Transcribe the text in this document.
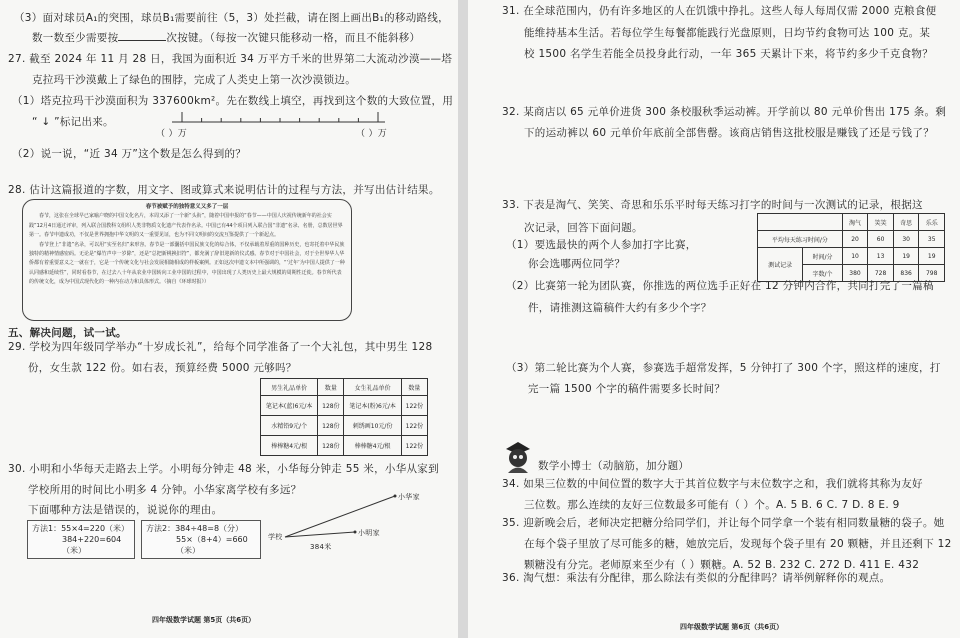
（3）面对球员A₁的突围，球员B₁需要前往（5，3）处拦截，请在图上画出B₁的移动路线，
数一数至少需要按	次按键。（每按一次键只能移动一格，而且不能斜移）
27. 截至 2024 年 11 月 28 日，我国为面积近 34 万平方千米的世界第二大流动沙漠——塔
克拉玛干沙漠戴上了绿色的围脖，完成了人类史上第一次沙漠锁边。
（1）塔克拉玛干沙漠面积为 337600km²。先在数线上填空，再找到这个数的大致位置，用
“ ↓ ”标记出来。
（ ）万	（ ）万
（2）说一说，“近 34 万”这个数是怎么得到的？
28. 估计这篇报道的字数，用文字、图或算式来说明估计的过程与方法，并写出估计结果。
春节被赋予的独特意义又多了一层

春节，这张在全球早已家喻户晓的中国文化名片，本周又添了一个新“头衔”，随着中国申报的“春节——中国人庆祝传统新年的社会实践”12月4日通过评审，列入联合国教科文组织人类非物质文化遗产代表作名录。中国已有44个项目列入联合国“非遗”名录、名册，总数居世界第一。春节申遗成功，不仅是世界拥抱中华文明的又一重要见证，也为不同文明间的交流互鉴提供了一个新起点。

春节登上“非遗”名录，可以用“实至名归”来形容。春节是一部囊括中国民族文化的综合体，不仅承载着厚重的国种历史，也寄托着中华民族独特的精神情感密码。无论是“爆竹声中一岁除”，还是“总把新桃换旧符”，都充满了辞旧迎新的仪式感。春节对于中国社会，对于全世界华人华侨都有着重要意义之一就在于，它是一个传统文化与社会发展相随相成的样板案例。正如这次申遗文本中所强调的，“‘过年’为中国人提供了一种认同感和延续性”，同时看春节，在过去八十年从农业中国转向工业中国的过程中，中国出现了人类历史上最大规模的周期性迁徙。春节所代表的传统文化，成为中国式现代化的一种内在动力和具体形式。（摘自《环球时报》）

五、解决问题，试一试。
29. 学校为四年级同学举办“十岁成长礼”，给每个同学准备了一个大礼包，其中男生 128
份，女生款 122 份。如右表，预算经费 5000 元够吗？
男生礼品单价	数量	女生礼品单价	数量
笔记本(蓝)6元/本	128份	笔记本(粉)6元/本	122份
水精铅9元/个	128份	刺绣画10元/份	122份
棒棒糖4元/根	128份	棒棒糖4元/根	122份
30. 小明和小华每天走路去上学。小明每分钟走 48 米，小华每分钟走 55 米，小华从家到
学校所用的时间比小明多 4 分钟。小华家离学校有多远？
下面哪种方法是错误的，说说你的理由。
方法1：55×4=220（米）
384+220=604（米）
方法2：384÷48=8（分）
55×（8+4）=660（米）
学校
小华家
小明家
384米
四年级数学试题 第5页（共6页）
31. 在全球范围内，仍有许多地区的人在饥饿中挣扎。这些人每人每周仅需 2000 克粮食便
能维持基本生活。若每位学生每餐都能践行光盘原则，日均节约食物可达 100 克。某
校 1500 名学生若能全员投身此行动，一年 365 天累计下来，将节约多少千克食物？
32. 某商店以 65 元单价进货 300 条校服秋季运动裤。开学前以 80 元单价售出 175 条。剩
下的运动裤以 60 元单价年底前全部售罄。该商店销售这批校服是赚钱了还是亏钱了？
33. 下表是淘气、笑笑、奇思和乐乐平时每天练习打字的时间与一次测试的记录，根据这
次记录，回答下面问题。
（1）要选最快的两个人参加打字比赛，
你会选哪两位同学？
（2）比赛第一轮为团队赛，你推选的两位选手正好在 12 分钟内合作，共同打完了一篇稿
件，请推测这篇稿件大约有多少个字？
（3）第二轮比赛为个人赛，参赛选手超常发挥，5 分钟打了 300 个字，照这样的速度，打
完一篇 1500 个字的稿件需要多长时间？
		淘气	笑笑	奇思	乐乐
平均每天练习时间/分		20	60	30	35
测试记录	时间/分	10	13	19	19
	字数/个	380	728	836	798
数学小博士（动脑筋，加分题）
34. 如果三位数的中间位置的数字大于其首位数字与末位数字之和，我们就将其称为友好
三位数。那么连续的友好三位数最多可能有（ ）个。A. 5 B. 6 C. 7 D. 8 E. 9
35. 迎新晚会后，老师决定把糖分给同学们，并让每个同学拿一个装有相同数量糖的袋子。她
在每个袋子里放了尽可能多的糖，她放完后，发现每个袋子里有 20 颗糖，并且还剩下 12
颗糖没有分完。老师原来至少有（ ）颗糖。A. 52 B. 232 C. 272 D. 411 E. 432
36. 淘气想：乘法有分配律，那么除法有类似的分配律吗？请举例解释你的观点。
四年级数学试题 第6页（共6页）
